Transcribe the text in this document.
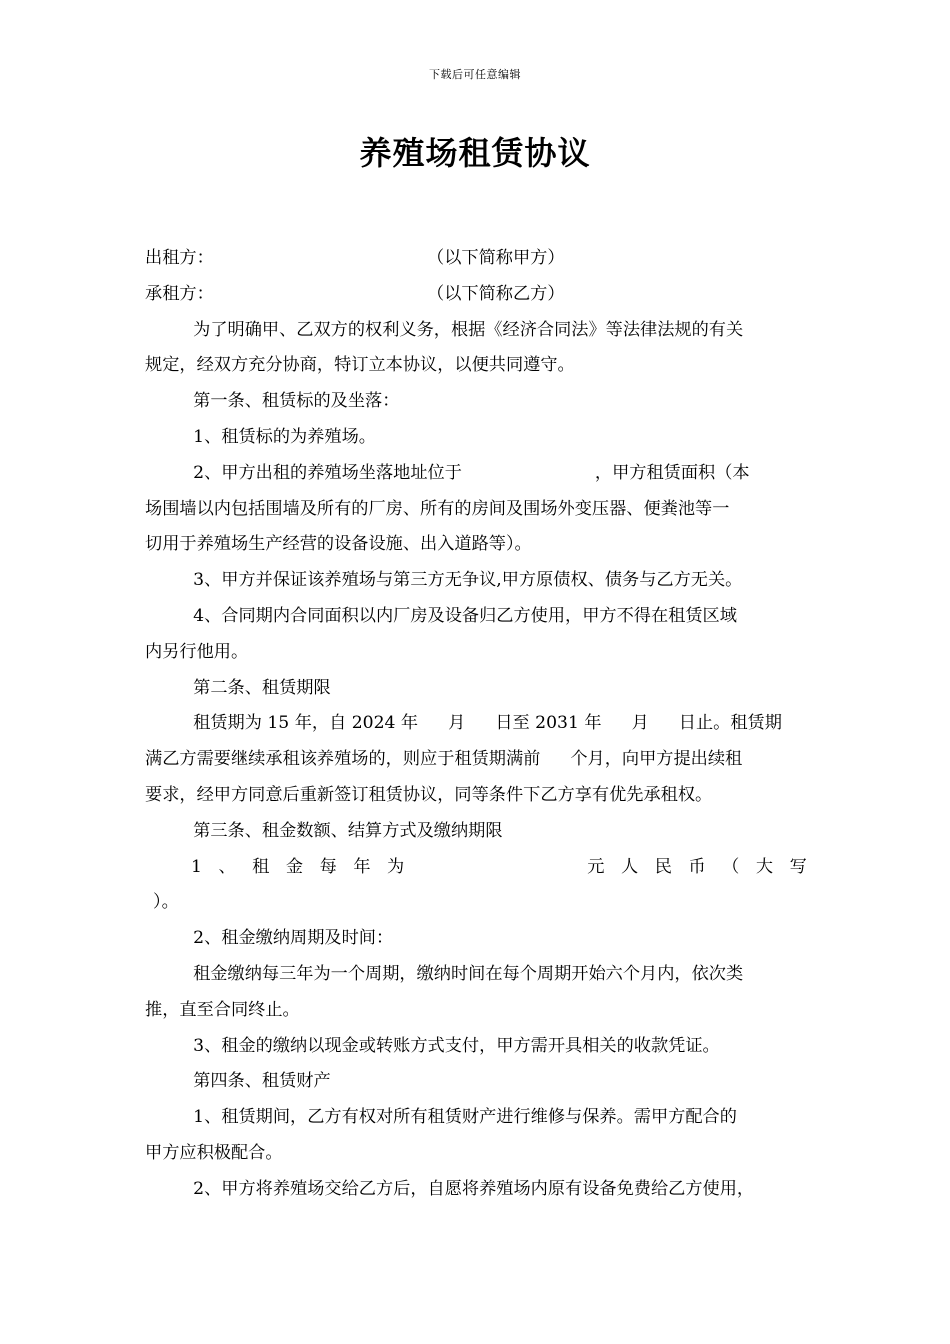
下载后可任意编辑
养殖场租赁协议
出租方：	（以下简称甲方）
承租方：	（以下简称乙方）
为了明确甲、乙双方的权利义务，根据《经济合同法》等法律法规的有关
规定，经双方充分协商，特订立本协议，以便共同遵守。
第一条、租赁标的及坐落：
1、租赁标的为养殖场。
2、甲方出租的养殖场坐落地址位于	，甲方租赁面积（本
场围墙以内包括围墙及所有的厂房、所有的房间及围场外变压器、便粪池等一
切用于养殖场生产经营的设备设施、出入道路等）。
3、甲方并保证该养殖场与第三方无争议,甲方原债权、债务与乙方无关。
4、合同期内合同面积以内厂房及设备归乙方使用，甲方不得在租赁区域
内另行他用。
第二条、租赁期限
租赁期为 15 年，自 2024 年 月 日至 2031 年 月 日止。租赁期
满乙方需要继续承租该养殖场的，则应于租赁期满前 个月，向甲方提出续租
要求，经甲方同意后重新签订租赁协议，同等条件下乙方享有优先承租权。
第三条、租金数额、结算方式及缴纳期限
1 、 租 金 每 年 为	元 人 民 币 （ 大 写
）。
2、租金缴纳周期及时间：
租金缴纳每三年为一个周期，缴纳时间在每个周期开始六个月内，依次类
推，直至合同终止。
3、租金的缴纳以现金或转账方式支付，甲方需开具相关的收款凭证。
第四条、租赁财产
1、租赁期间，乙方有权对所有租赁财产进行维修与保养。需甲方配合的
甲方应积极配合。
2、甲方将养殖场交给乙方后，自愿将养殖场内原有设备免费给乙方使用，
